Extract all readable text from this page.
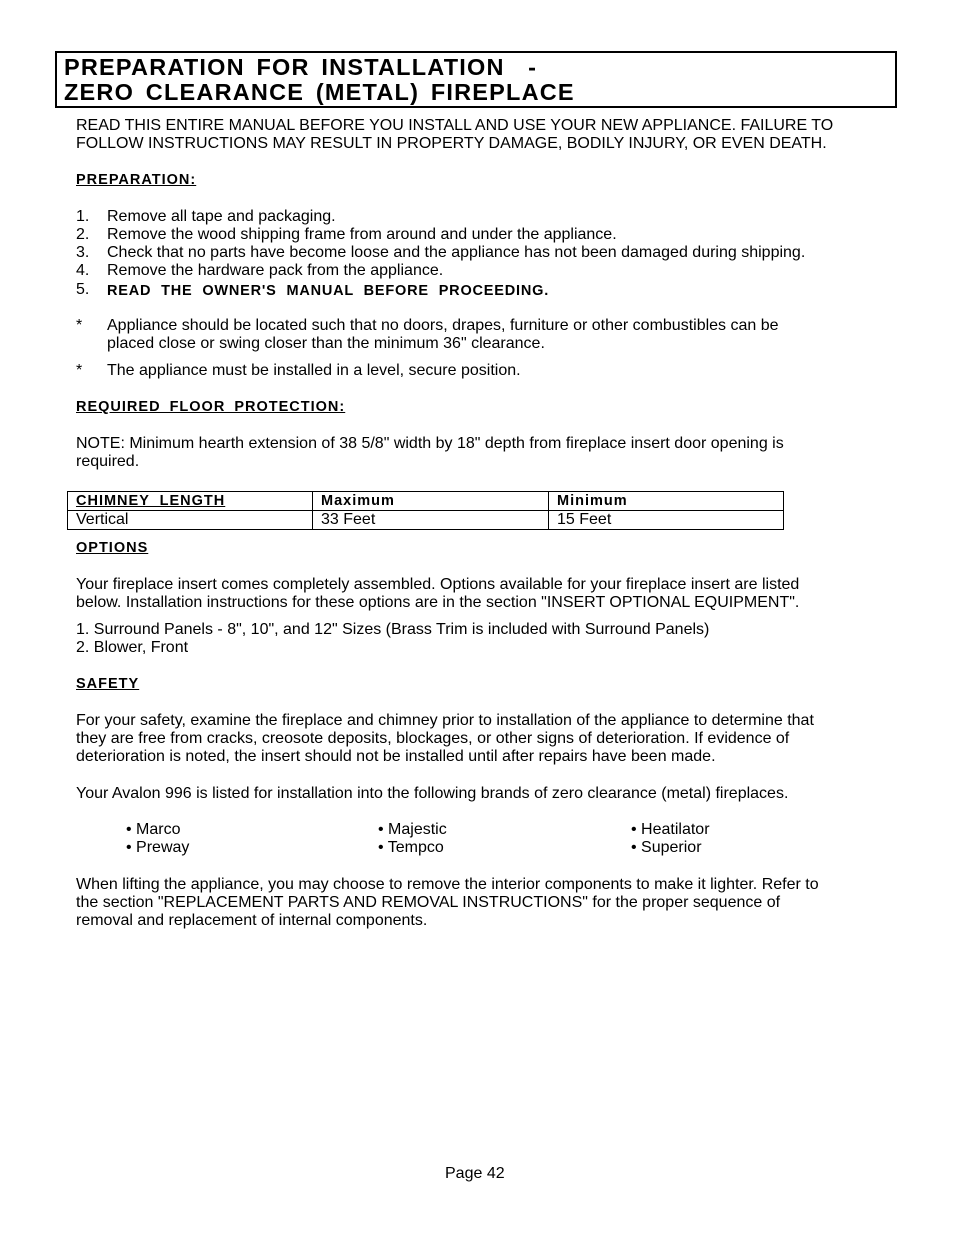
PREPARATION FOR INSTALLATION  -
ZERO CLEARANCE (METAL) FIREPLACE
READ THIS ENTIRE MANUAL BEFORE YOU INSTALL AND USE YOUR NEW APPLIANCE. FAILURE TO
FOLLOW INSTRUCTIONS MAY RESULT IN PROPERTY DAMAGE, BODILY INJURY, OR EVEN DEATH.
PREPARATION:
1. Remove all tape and packaging.
2. Remove the wood shipping frame from around and under the appliance.
3. Check that no parts have become loose and the appliance has not been damaged during shipping.
4. Remove the hardware pack from the appliance.
5. READ THE OWNER'S MANUAL BEFORE PROCEEDING.
* Appliance should be located such that no doors, drapes, furniture or other combustibles can be
placed close or swing closer than the minimum 36" clearance.
* The appliance must be installed in a level, secure position.
REQUIRED FLOOR PROTECTION:
NOTE: Minimum hearth extension of 38 5/8" width by 18" depth from fireplace insert door opening is
required.
CHIMNEY LENGTH	Maximum	Minimum
Vertical	33 Feet	15 Feet
OPTIONS
Your fireplace insert comes completely assembled. Options available for your fireplace insert are listed
below. Installation instructions for these options are in the section "INSERT OPTIONAL EQUIPMENT".
1. Surround Panels - 8", 10", and 12" Sizes (Brass Trim is included with Surround Panels)
2. Blower, Front
SAFETY
For your safety, examine the fireplace and chimney prior to installation of the appliance to determine that
they are free from cracks, creosote deposits, blockages, or other signs of deterioration. If evidence of
deterioration is noted, the insert should not be installed until after repairs have been made.
Your Avalon 996 is listed for installation into the following brands of zero clearance (metal) fireplaces.
• Marco	• Majestic	• Heatilator
• Preway	• Tempco	• Superior
When lifting the appliance, you may choose to remove the interior components to make it lighter. Refer to
the section "REPLACEMENT PARTS AND REMOVAL INSTRUCTIONS" for the proper sequence of
removal and replacement of internal components.
Page 42
